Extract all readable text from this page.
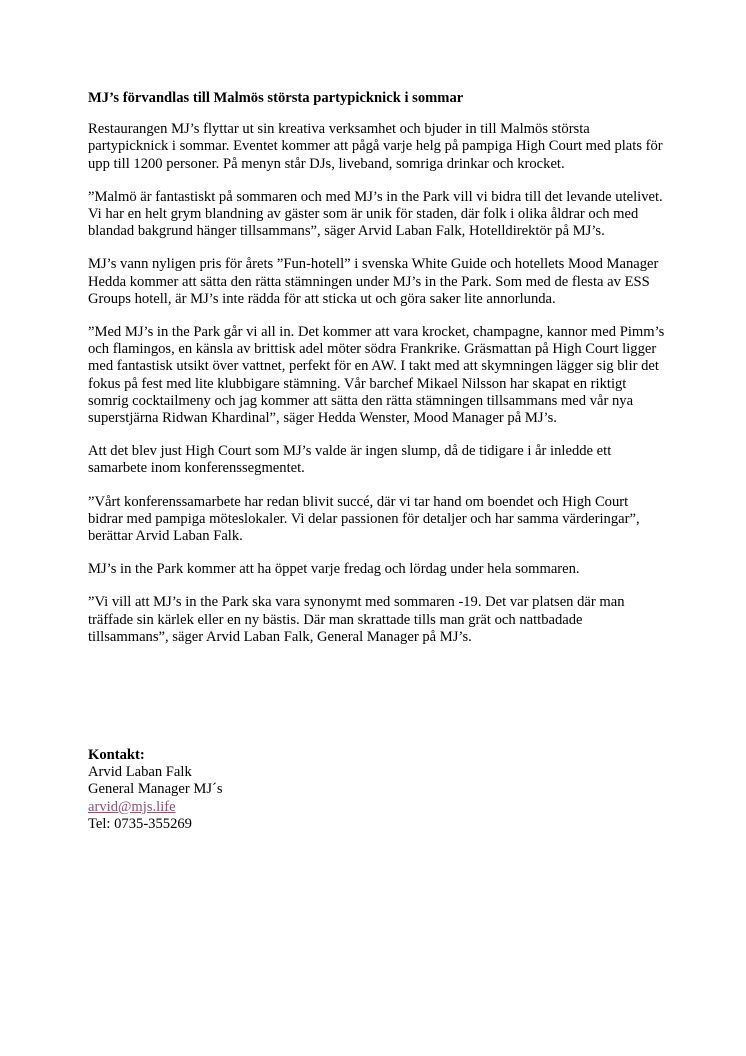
MJ’s förvandlas till Malmös största partypicknick i sommar

Restaurangen MJ’s flyttar ut sin kreativa verksamhet och bjuder in till Malmös största partypicknick i sommar. Eventet kommer att pågå varje helg på pampiga High Court med plats för upp till 1200 personer. På menyn står DJs, liveband, somriga drinkar och krocket.

”Malmö är fantastiskt på sommaren och med MJ’s in the Park vill vi bidra till det levande utelivet. Vi har en helt grym blandning av gäster som är unik för staden, där folk i olika åldrar och med blandad bakgrund hänger tillsammans”, säger Arvid Laban Falk, Hotelldirektör på MJ’s.

MJ’s vann nyligen pris för årets ”Fun-hotell” i svenska White Guide och hotellets Mood Manager Hedda kommer att sätta den rätta stämningen under MJ’s in the Park. Som med de flesta av ESS Groups hotell, är MJ’s inte rädda för att sticka ut och göra saker lite annorlunda.

”Med MJ’s in the Park går vi all in. Det kommer att vara krocket, champagne, kannor med Pimm’s och flamingos, en känsla av brittisk adel möter södra Frankrike. Gräsmattan på High Court ligger med fantastisk utsikt över vattnet, perfekt för en AW. I takt med att skymningen lägger sig blir det fokus på fest med lite klubbigare stämning. Vår barchef Mikael Nilsson har skapat en riktigt somrig cocktailmeny och jag kommer att sätta den rätta stämningen tillsammans med vår nya superstjärna Ridwan Khardinal”, säger Hedda Wenster, Mood Manager på MJ’s.

Att det blev just High Court som MJ’s valde är ingen slump, då de tidigare i år inledde ett samarbete inom konferenssegmentet.

”Vårt konferenssamarbete har redan blivit succé, där vi tar hand om boendet och High Court bidrar med pampiga möteslokaler. Vi delar passionen för detaljer och har samma värderingar”, berättar Arvid Laban Falk.

MJ’s in the Park kommer att ha öppet varje fredag och lördag under hela sommaren.

”Vi vill att MJ’s in the Park ska vara synonymt med sommaren -19. Det var platsen där man träffade sin kärlek eller en ny bästis. Där man skrattade tills man grät och nattbadade tillsammans”, säger Arvid Laban Falk, General Manager på MJ’s.

Kontakt:
Arvid Laban Falk
General Manager MJ´s
arvid@mjs.life
Tel: 0735-355269
